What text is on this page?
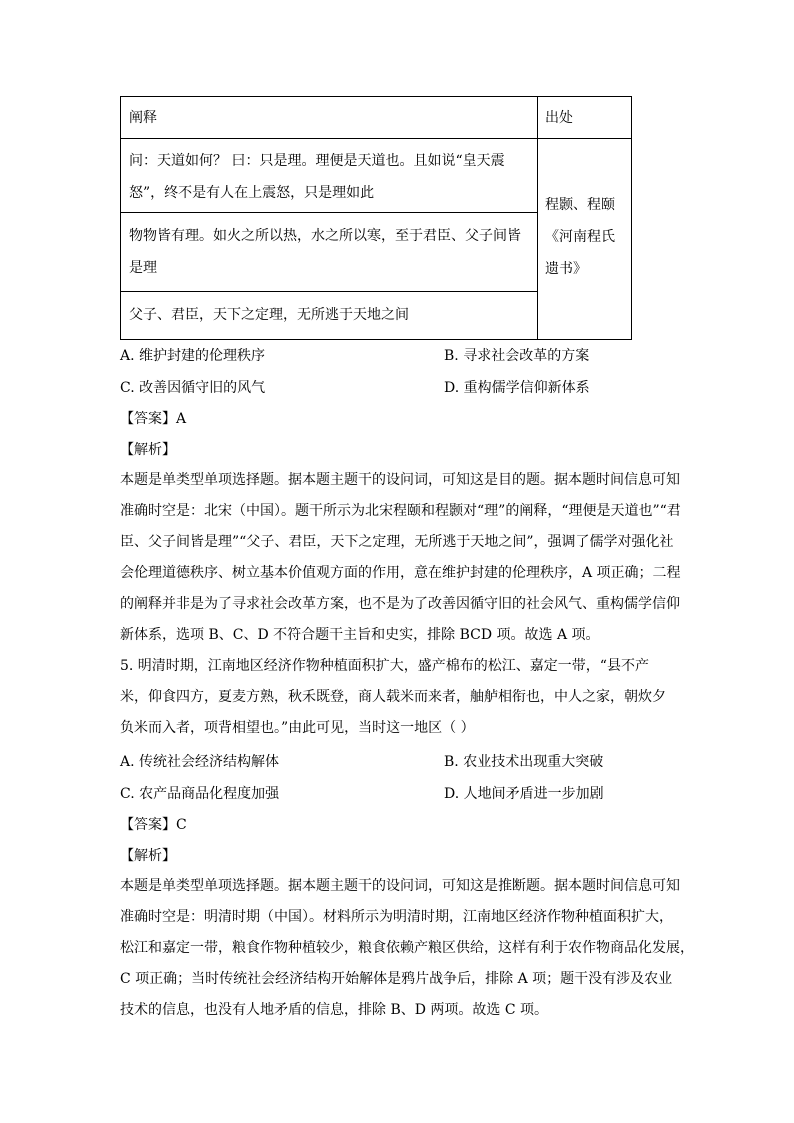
阐释	出处
问：天道如何？ 曰：只是理。理便是天道也。且如说“皇天震
怒”，终不是有人在上震怒，只是理如此
物物皆有理。如火之所以热，水之所以寒，至于君臣、父子间皆
是理
父子、君臣，天下之定理，无所逃于天地之间
程颢、程颐
《河南程氏
遗书》
A. 维护封建的伦理秩序	B. 寻求社会改革的方案
C. 改善因循守旧的风气	D. 重构儒学信仰新体系
【答案】A
【解析】
本题是单类型单项选择题。据本题主题干的设问词，可知这是目的题。据本题时间信息可知
准确时空是：北宋（中国）。题干所示为北宋程颐和程颢对“理”的阐释，“理便是天道也”“君
臣、父子间皆是理”“父子、君臣，天下之定理，无所逃于天地之间”，强调了儒学对强化社
会伦理道德秩序、树立基本价值观方面的作用，意在维护封建的伦理秩序，A 项正确；二程
的阐释并非是为了寻求社会改革方案，也不是为了改善因循守旧的社会风气、重构儒学信仰
新体系，选项 B、C、D 不符合题干主旨和史实，排除 BCD 项。故选 A 项。
5. 明清时期，江南地区经济作物种植面积扩大，盛产棉布的松江、嘉定一带，“县不产
米，仰食四方，夏麦方熟，秋禾既登，商人载米而来者，舳舻相衔也，中人之家，朝炊夕
负米而入者，项背相望也。”由此可见，当时这一地区（ ）
A. 传统社会经济结构解体	B. 农业技术出现重大突破
C. 农产品商品化程度加强	D. 人地间矛盾进一步加剧
【答案】C
【解析】
本题是单类型单项选择题。据本题主题干的设问词，可知这是推断题。据本题时间信息可知
准确时空是：明清时期（中国）。材料所示为明清时期，江南地区经济作物种植面积扩大，
松江和嘉定一带，粮食作物种植较少，粮食依赖产粮区供给，这样有利于农作物商品化发展，
C 项正确；当时传统社会经济结构开始解体是鸦片战争后，排除 A 项；题干没有涉及农业
技术的信息，也没有人地矛盾的信息，排除 B、D 两项。故选 C 项。
